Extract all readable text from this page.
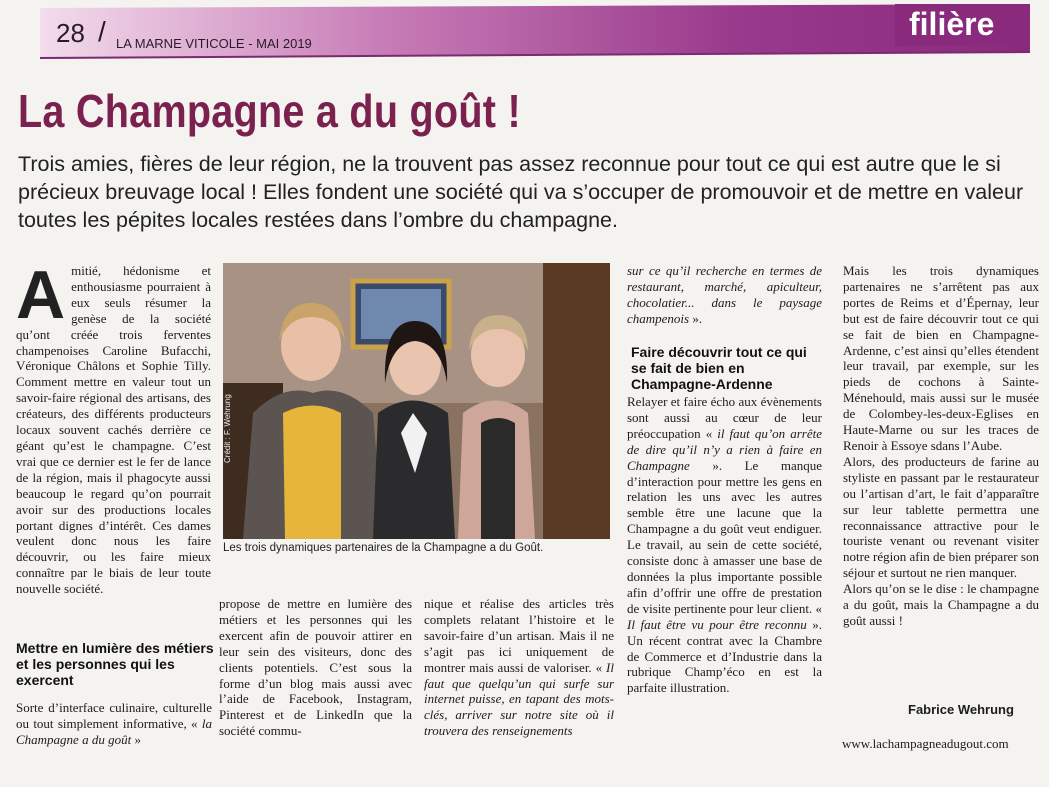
28 / LA MARNE VITICOLE - MAI 2019
filière
La Champagne a du goût !
Trois amies, fières de leur région, ne la trouvent pas assez reconnue pour tout ce qui est autre que le si précieux breuvage local ! Elles fondent une société qui va s’occuper de promouvoir et de mettre en valeur toutes les pépites locales restées dans l’ombre du champagne.

Amitié, hédonisme et enthousiasme pourraient à eux seuls résumer la genèse de la société qu’ont créée trois ferventes champenoises Caroline Bufacchi, Véronique Châlons et Sophie Tilly. Comment mettre en valeur tout un savoir-faire régional des artisans, des créateurs, des différents producteurs locaux souvent cachés derrière ce géant qu’est le champagne. C’est vrai que ce dernier est le fer de lance de la région, mais il phagocyte aussi beaucoup le regard qu’on pourrait avoir sur des productions locales portant dignes d’intérêt. Ces dames veulent donc nous les faire découvrir, ou les faire mieux connaître par le biais de leur toute nouvelle société.

Mettre en lumière des métiers et les personnes qui les exercent

Sorte d’interface culinaire, culturelle ou tout simplement informative, « la Champagne a du goût »

Crédit : F. Wehrung
Les trois dynamiques partenaires de la Champagne a du Goût.

propose de mettre en lumière des métiers et les personnes qui les exercent afin de pouvoir attirer en leur sein des visiteurs, donc des clients potentiels. C’est sous la forme d’un blog mais aussi avec l’aide de Facebook, Instagram, Pinterest et de LinkedIn que la société commu-

nique et réalise des articles très complets relatant l’histoire et le savoir-faire d’un artisan. Mais il ne s’agit pas ici uniquement de montrer mais aussi de valoriser. « Il faut que quelqu’un qui surfe sur internet puisse, en tapant des mots-clés, arriver sur notre site où il trouvera des renseignements

sur ce qu’il recherche en termes de restaurant, marché, apiculteur, chocolatier... dans le paysage champenois ».

Faire découvrir tout ce qui se fait de bien en Champagne-Ardenne

Relayer et faire écho aux évènements sont aussi au cœur de leur préoccupation « il faut qu’on arrête de dire qu’il n’y a rien à faire en Champagne ». Le manque d’interaction pour mettre les gens en relation les uns avec les autres semble être une lacune que la Champagne a du goût veut endiguer. Le travail, au sein de cette société, consiste donc à amasser une base de données la plus importante possible afin d’offrir une offre de prestation de visite pertinente pour leur client. « Il faut être vu pour être reconnu ». Un récent contrat avec la Chambre de Commerce et d’Industrie dans la rubrique Champ’éco en est la parfaite illustration.

Mais les trois dynamiques partenaires ne s’arrêtent pas aux portes de Reims et d’Épernay, leur but est de faire découvrir tout ce qui se fait de bien en Champagne-Ardenne, c’est ainsi qu’elles étendent leur travail, par exemple, sur les pieds de cochons à Sainte-Ménehould, mais aussi sur le musée de Colombey-les-deux-Eglises en Haute-Marne ou sur les traces de Renoir à Essoye sdans l’Aube.

Alors, des producteurs de farine au styliste en passant par le restaurateur ou l’artisan d’art, le fait d’apparaître sur leur tablette permettra une reconnaissance attractive pour le touriste venant ou revenant visiter notre région afin de bien préparer son séjour et surtout ne rien manquer.

Alors qu’on se le dise : le champagne a du goût, mais la Champagne a du goût aussi !

Fabrice Wehrung
www.lachampagneadugout.com
